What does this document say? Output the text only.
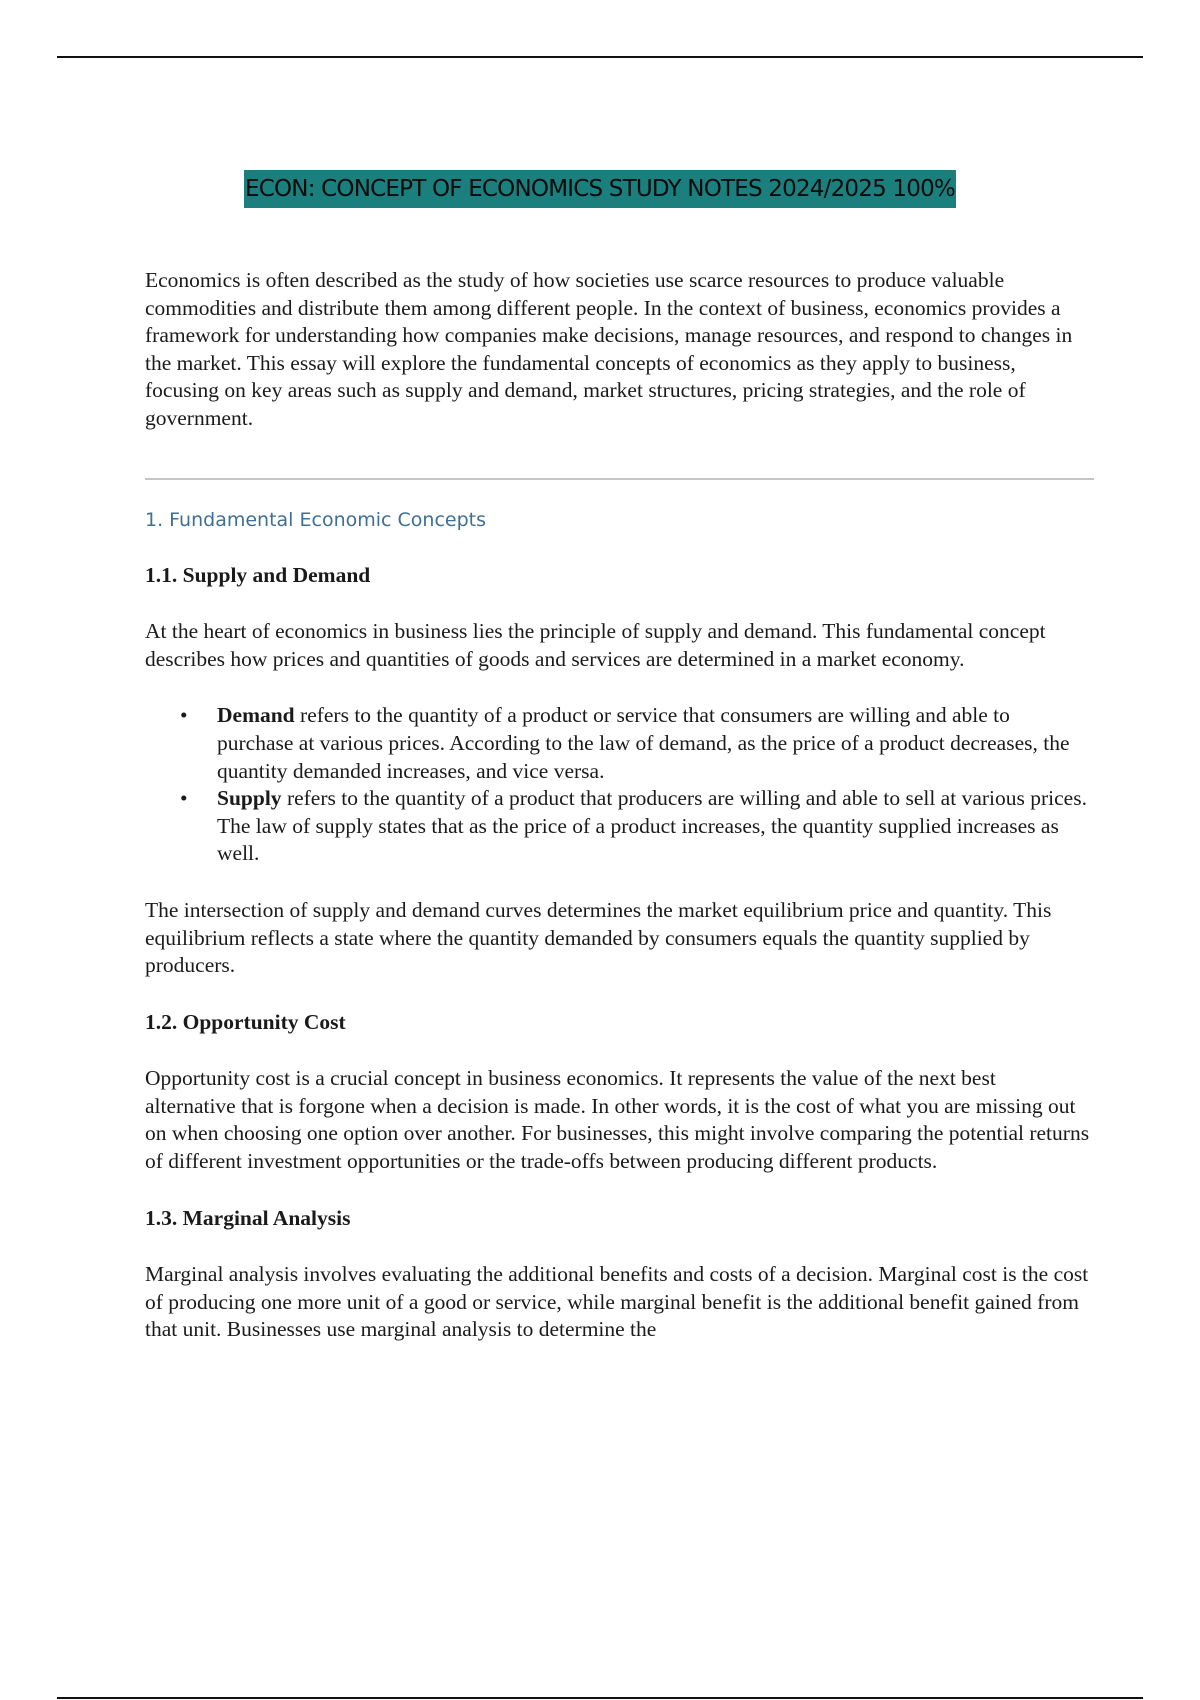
ECON: CONCEPT OF ECONOMICS STUDY NOTES 2024/2025 100%

Economics is often described as the study of how societies use scarce resources to produce valuable commodities and distribute them among different people. In the context of business, economics provides a framework for understanding how companies make decisions, manage resources, and respond to changes in the market. This essay will explore the fundamental concepts of economics as they apply to business, focusing on key areas such as supply and demand, market structures, pricing strategies, and the role of government.

1. Fundamental Economic Concepts

1.1. Supply and Demand

At the heart of economics in business lies the principle of supply and demand. This fundamental concept describes how prices and quantities of goods and services are determined in a market economy.

• Demand refers to the quantity of a product or service that consumers are willing and able to purchase at various prices. According to the law of demand, as the price of a product decreases, the quantity demanded increases, and vice versa.
• Supply refers to the quantity of a product that producers are willing and able to sell at various prices. The law of supply states that as the price of a product increases, the quantity supplied increases as well.

The intersection of supply and demand curves determines the market equilibrium price and quantity. This equilibrium reflects a state where the quantity demanded by consumers equals the quantity supplied by producers.

1.2. Opportunity Cost

Opportunity cost is a crucial concept in business economics. It represents the value of the next best alternative that is forgone when a decision is made. In other words, it is the cost of what you are missing out on when choosing one option over another. For businesses, this might involve comparing the potential returns of different investment opportunities or the trade-offs between producing different products.

1.3. Marginal Analysis

Marginal analysis involves evaluating the additional benefits and costs of a decision. Marginal cost is the cost of producing one more unit of a good or service, while marginal benefit is the additional benefit gained from that unit. Businesses use marginal analysis to determine the
